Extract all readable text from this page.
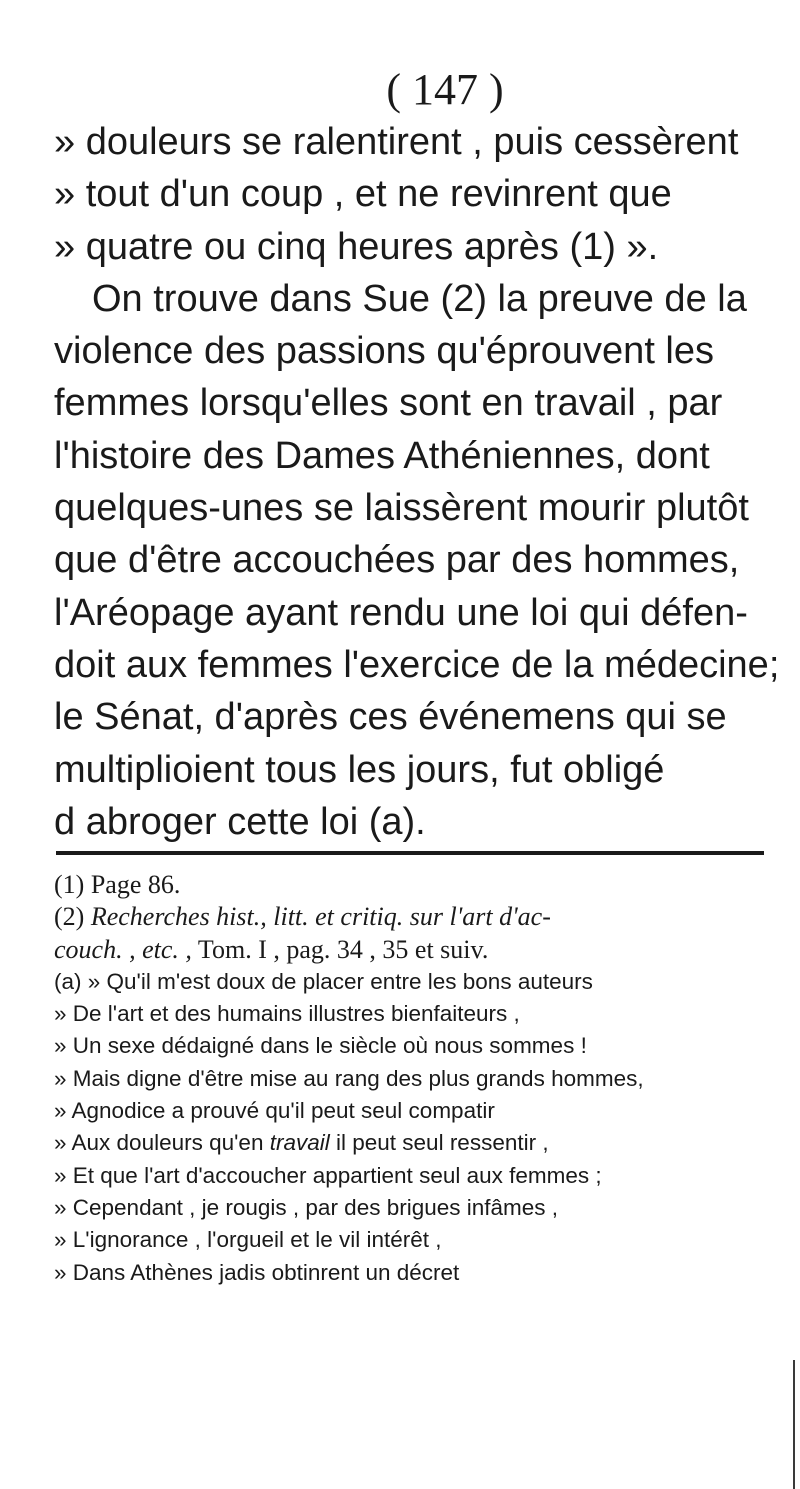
( 147 )
» douleurs se ralentirent , puis cessèrent
» tout d'un coup , et ne revinrent que
» quatre ou cinq heures après (1) ».
On trouve dans Sue (2) la preuve de la
violence des passions qu'éprouvent les
femmes lorsqu'elles sont en travail , par
l'histoire des Dames Athéniennes, dont
quelques-unes se laissèrent mourir plutôt
que d'être accouchées par des hommes,
l'Aréopage ayant rendu une loi qui défen-
doit aux femmes l'exercice de la médecine;
le Sénat, d'après ces événemens qui se
multiplioient tous les jours, fut obligé
d abroger cette loi (a).
(1) Page 86.
(2) Recherches hist., litt. et critiq. sur l'art d'ac-
couch. , etc. , Tom. I , pag. 34 , 35 et suiv.
(a) » Qu'il m'est doux de placer entre les bons auteurs
» De l'art et des humains illustres bienfaiteurs ,
» Un sexe dédaigné dans le siècle où nous sommes !
» Mais digne d'être mise au rang des plus grands hommes,
» Agnodice a prouvé qu'il peut seul compatir
» Aux douleurs qu'en travail il peut seul ressentir ,
» Et que l'art d'accoucher appartient seul aux femmes ;
» Cependant , je rougis , par des brigues infâmes ,
» L'ignorance , l'orgueil et le vil intérêt ,
» Dans Athènes jadis obtinrent un décret
